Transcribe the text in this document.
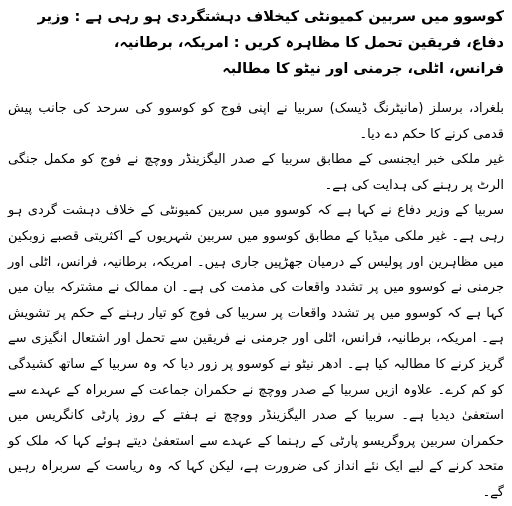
کوسوو میں سربین کمیونٹی کیخلاف دہشتگردی ہو رہی ہے : وزیر دفاع، فریقین تحمل کا مظاہرہ کریں : امریکہ، برطانیہ،
فرانس، اٹلی، جرمنی اور نیٹو کا مطالبہ

بلغراد، برسلز (مانیٹرنگ ڈیسک) سربیا نے اپنی فوج کو کوسوو کی سرحد کی جانب پیش قدمی کرنے کا حکم دے دیا۔

غیر ملکی خبر ایجنسی کے مطابق سربیا کے صدر الیگزینڈر ووچچ نے فوج کو مکمل جنگی الرٹ پر رہنے کی ہدایت کی ہے۔

سربیا کے وزیر دفاع نے کہا ہے کہ کوسوو میں سربین کمیونٹی کے خلاف دہشت گردی ہو رہی ہے۔ غیر ملکی میڈیا کے مطابق کوسوو میں سربین شہریوں کے اکثریتی قصبے زوبکین میں مظاہرین اور پولیس کے درمیان جھڑپیں جاری ہیں۔ امریکہ، برطانیہ، فرانس، اٹلی اور جرمنی نے کوسوو میں پر تشدد واقعات کی مذمت کی ہے۔ ان ممالک نے مشترکہ بیان میں کہا ہے کہ کوسوو میں پر تشدد واقعات پر سربیا کی فوج کو تیار رہنے کے حکم پر تشویش ہے۔ امریکہ، برطانیہ، فرانس، اٹلی اور جرمنی نے فریقین سے تحمل اور اشتعال انگیزی سے گریز کرنے کا مطالبہ کیا ہے۔ ادھر نیٹو نے کوسوو پر زور دیا کہ وہ سربیا کے ساتھ کشیدگی کو کم کرے۔ علاوہ ازیں سربیا کے صدر ووچچ نے حکمران جماعت کے سربراہ کے عہدے سے استعفیٰ دیدیا ہے۔ سربیا کے صدر الیگزینڈر ووچچ نے ہفتے کے روز پارٹی کانگریس میں حکمران سربین پروگریسو پارٹی کے رہنما کے عہدے سے استعفیٰ دیتے ہوئے کہا کہ ملک کو متحد کرنے کے لیے ایک نئے انداز کی ضرورت ہے، لیکن کہا کہ وہ ریاست کے سربراہ رہیں گے۔
